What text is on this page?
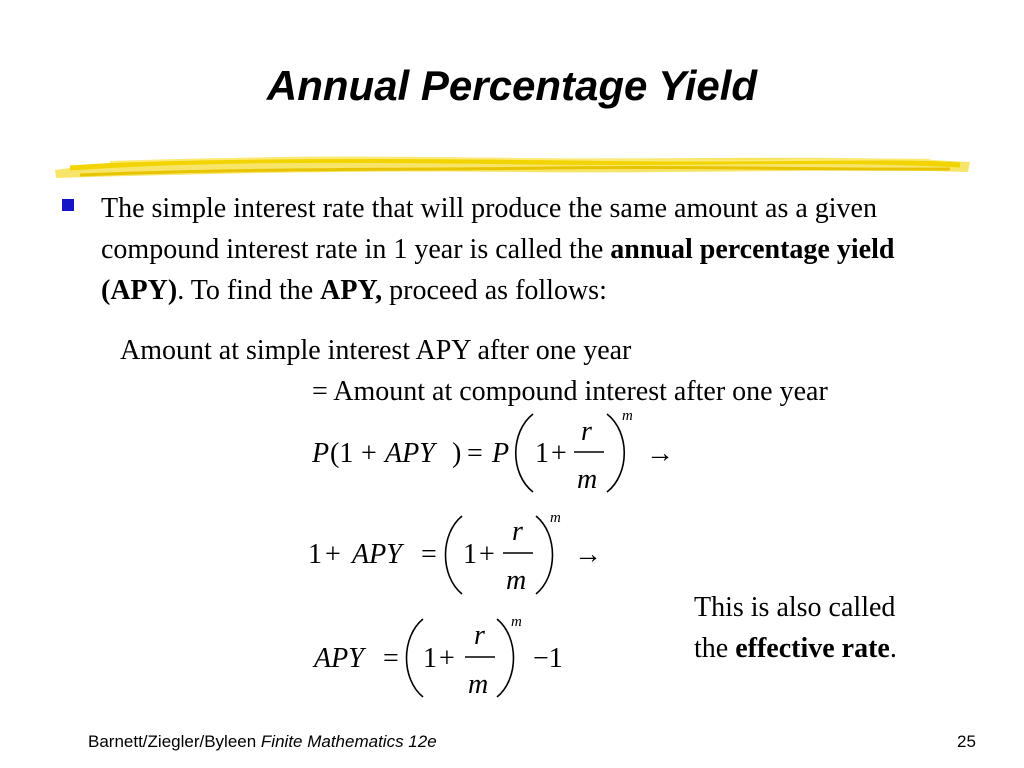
Annual Percentage Yield
The simple interest rate that will produce the same amount as a given compound interest rate in 1 year is called the annual percentage yield (APY). To find the APY, proceed as follows:
Amount at simple interest APY after one year
= Amount at compound interest after one year
P (1 + APY ) = P 1 +
r
m
m
→
1 + APY = 1 +
r
m
m
→
APY = 1 +
r
m
m
−1
This is also called
the effective rate.
Barnett/Ziegler/Byleen Finite Mathematics 12e	25
